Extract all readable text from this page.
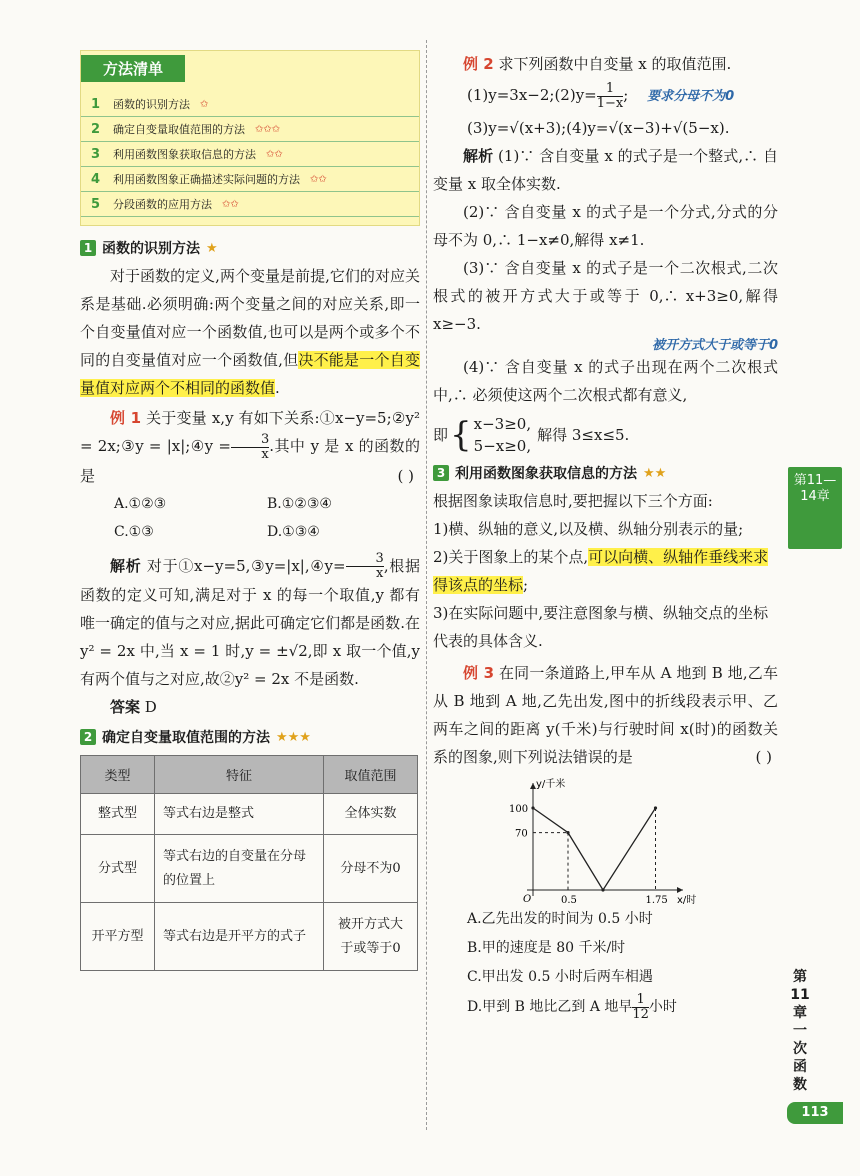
方法清单
1 函数的识别方法 ✩
2 确定自变量取值范围的方法 ✩✩✩
3 利用函数图象获取信息的方法 ✩✩
4 利用函数图象正确描述实际问题的方法 ✩✩
5 分段函数的应用方法 ✩✩
1 函数的识别方法 ★

对于函数的定义,两个变量是前提,它们的对应关系是基础.必须明确:两个变量之间的对应关系,即一个自变量值对应一个函数值,也可以是两个或多个不同的自变量值对应一个函数值,但决不能是一个自变量值对应两个不相同的函数值.

例 1 关于变量 x,y 有如下关系:①x−y=5;②y² = 2x;③y = |x|;④y = $\frac{3}{x}$ .其中 y 是 x 的函数的是	( )

A.①②③	B.①②③④
C.①③	D.①③④

解析 对于①x−y=5,③y=|x|,④y= $\frac{3}{x}$ ,根据函数的定义可知,满足对于 x 的每一个取值,y 都有唯一确定的值与之对应,据此可确定它们都是函数.在 y² = 2x 中,当 x = 1 时,y = ±√2,即 x 取一个值,y 有两个值与之对应,故②y² = 2x 不是函数.

答案 D

2 确定自变量取值范围的方法 ★★★
类型	特征	取值范围
整式型	等式右边是整式	全体实数
分式型	等式右边的自变量在分母的位置上	分母不为0
开平方型	等式右边是开平方的式子	被开方式大于或等于0

例 2 求下列函数中自变量 x 的取值范围.

(1)y=3x−2;(2)y= $\frac{1}{1-x}$ ; 要求分母不为0

(3)y=√(x+3);(4)y=√(x−3)+√(5−x).

解析 (1)∵ 含自变量 x 的式子是一个整式,∴ 自变量 x 取全体实数.

(2)∵ 含自变量 x 的式子是一个分式,分式的分母不为 0,∴ 1−x≠0,解得 x≠1.

(3)∵ 含自变量 x 的式子是一个二次根式,二次根式的被开方式大于或等于 0,∴ x+3≥0,解得 x≥−3.

被开方式大于或等于0

(4)∵ 含自变量 x 的式子出现在两个二次根式中,∴ 必须使这两个二次根式都有意义,

即 { x−3≥0,
5−x≥0,
解得 3≤x≤5.
3 利用函数图象获取信息的方法 ★★

根据图象读取信息时,要把握以下三个方面:

1)横、纵轴的意义,以及横、纵轴分别表示的量;

2)关于图象上的某个点,可以向横、纵轴作垂线来求得该点的坐标;

3)在实际问题中,要注意图象与横、纵轴交点的坐标代表的具体含义.

例 3 在同一条道路上,甲车从 A 地到 B 地,乙车从 B 地到 A 地,乙先出发,图中的折线段表示甲、乙两车之间的距离 y(千米)与行驶时间 x(时)的函数关系的图象,则下列说法错误的是	( )

y/千米
x/时
O	0.5	1.75
100
70
A.乙先出发的时间为 0.5 小时
B.甲的速度是 80 千米/时
C.甲出发 0.5 小时后两车相遇
D.甲到 B 地比乙到 A 地早 $\frac{1}{12}$ 小时
第11—14章
第11章 一次函数
113
